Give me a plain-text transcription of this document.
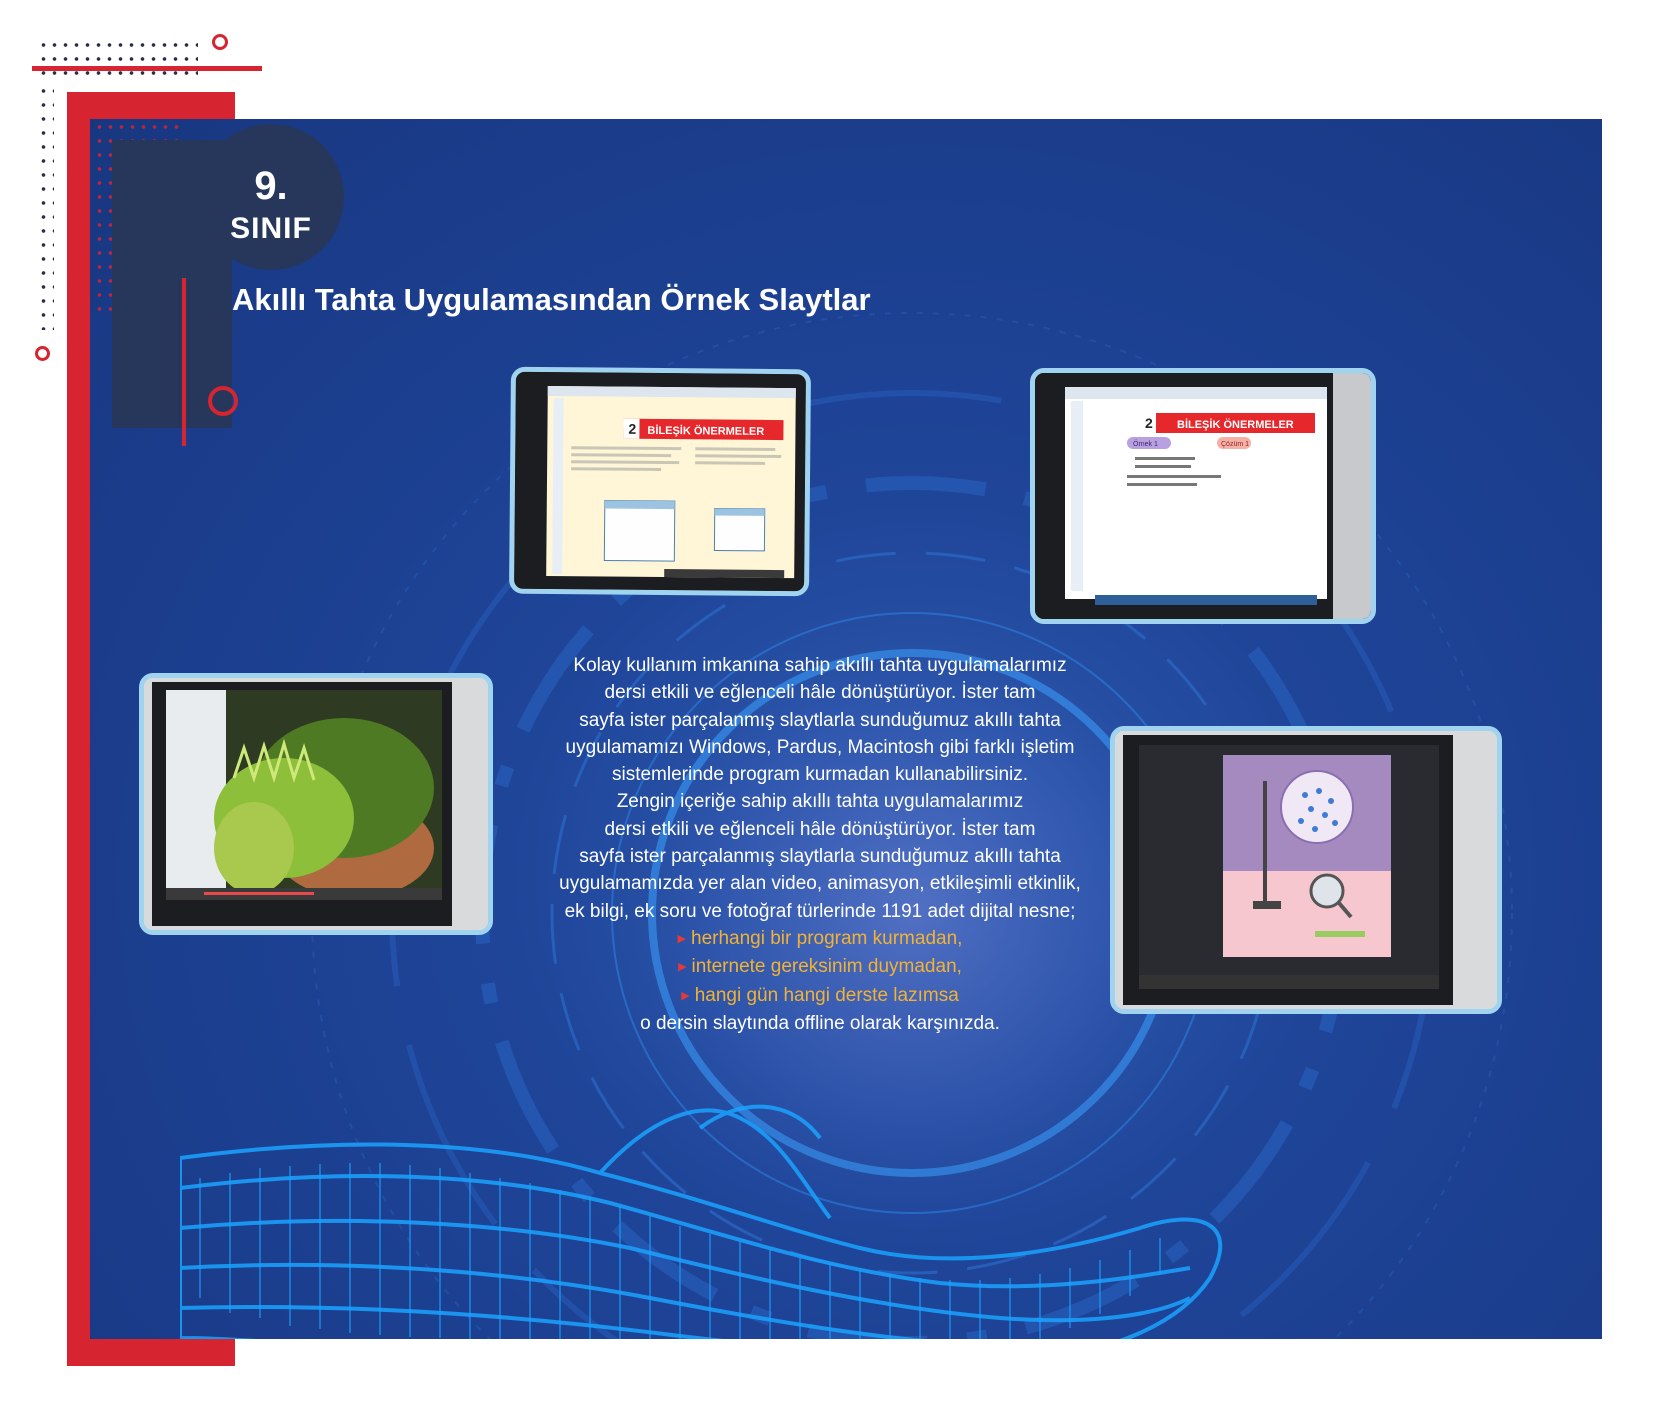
9.
SINIF
Akıllı Tahta Uygulamasından Örnek Slaytlar
2 BİLEŞİK ÖNERMELER
2 BİLEŞİK ÖNERMELER
Örnek 1	Çözüm 1
Kolay kullanım imkanına sahip akıllı tahta uygulamalarımız
dersi etkili ve eğlenceli hâle dönüştürüyor. İster tam
sayfa ister parçalanmış slaytlarla sunduğumuz akıllı tahta
uygulamamızı Windows, Pardus, Macintosh gibi farklı işletim
sistemlerinde program kurmadan kullanabilirsiniz.
Zengin içeriğe sahip akıllı tahta uygulamalarımız
dersi etkili ve eğlenceli hâle dönüştürüyor. İster tam
sayfa ister parçalanmış slaytlarla sunduğumuz akıllı tahta
uygulamamızda yer alan video, animasyon, etkileşimli etkinlik,
ek bilgi, ek soru ve fotoğraf türlerinde 1191 adet dijital nesne;
▶ herhangi bir program kurmadan,
▶ internete gereksinim duymadan,
▶ hangi gün hangi derste lazımsa
o dersin slaytında offline olarak karşınızda.
